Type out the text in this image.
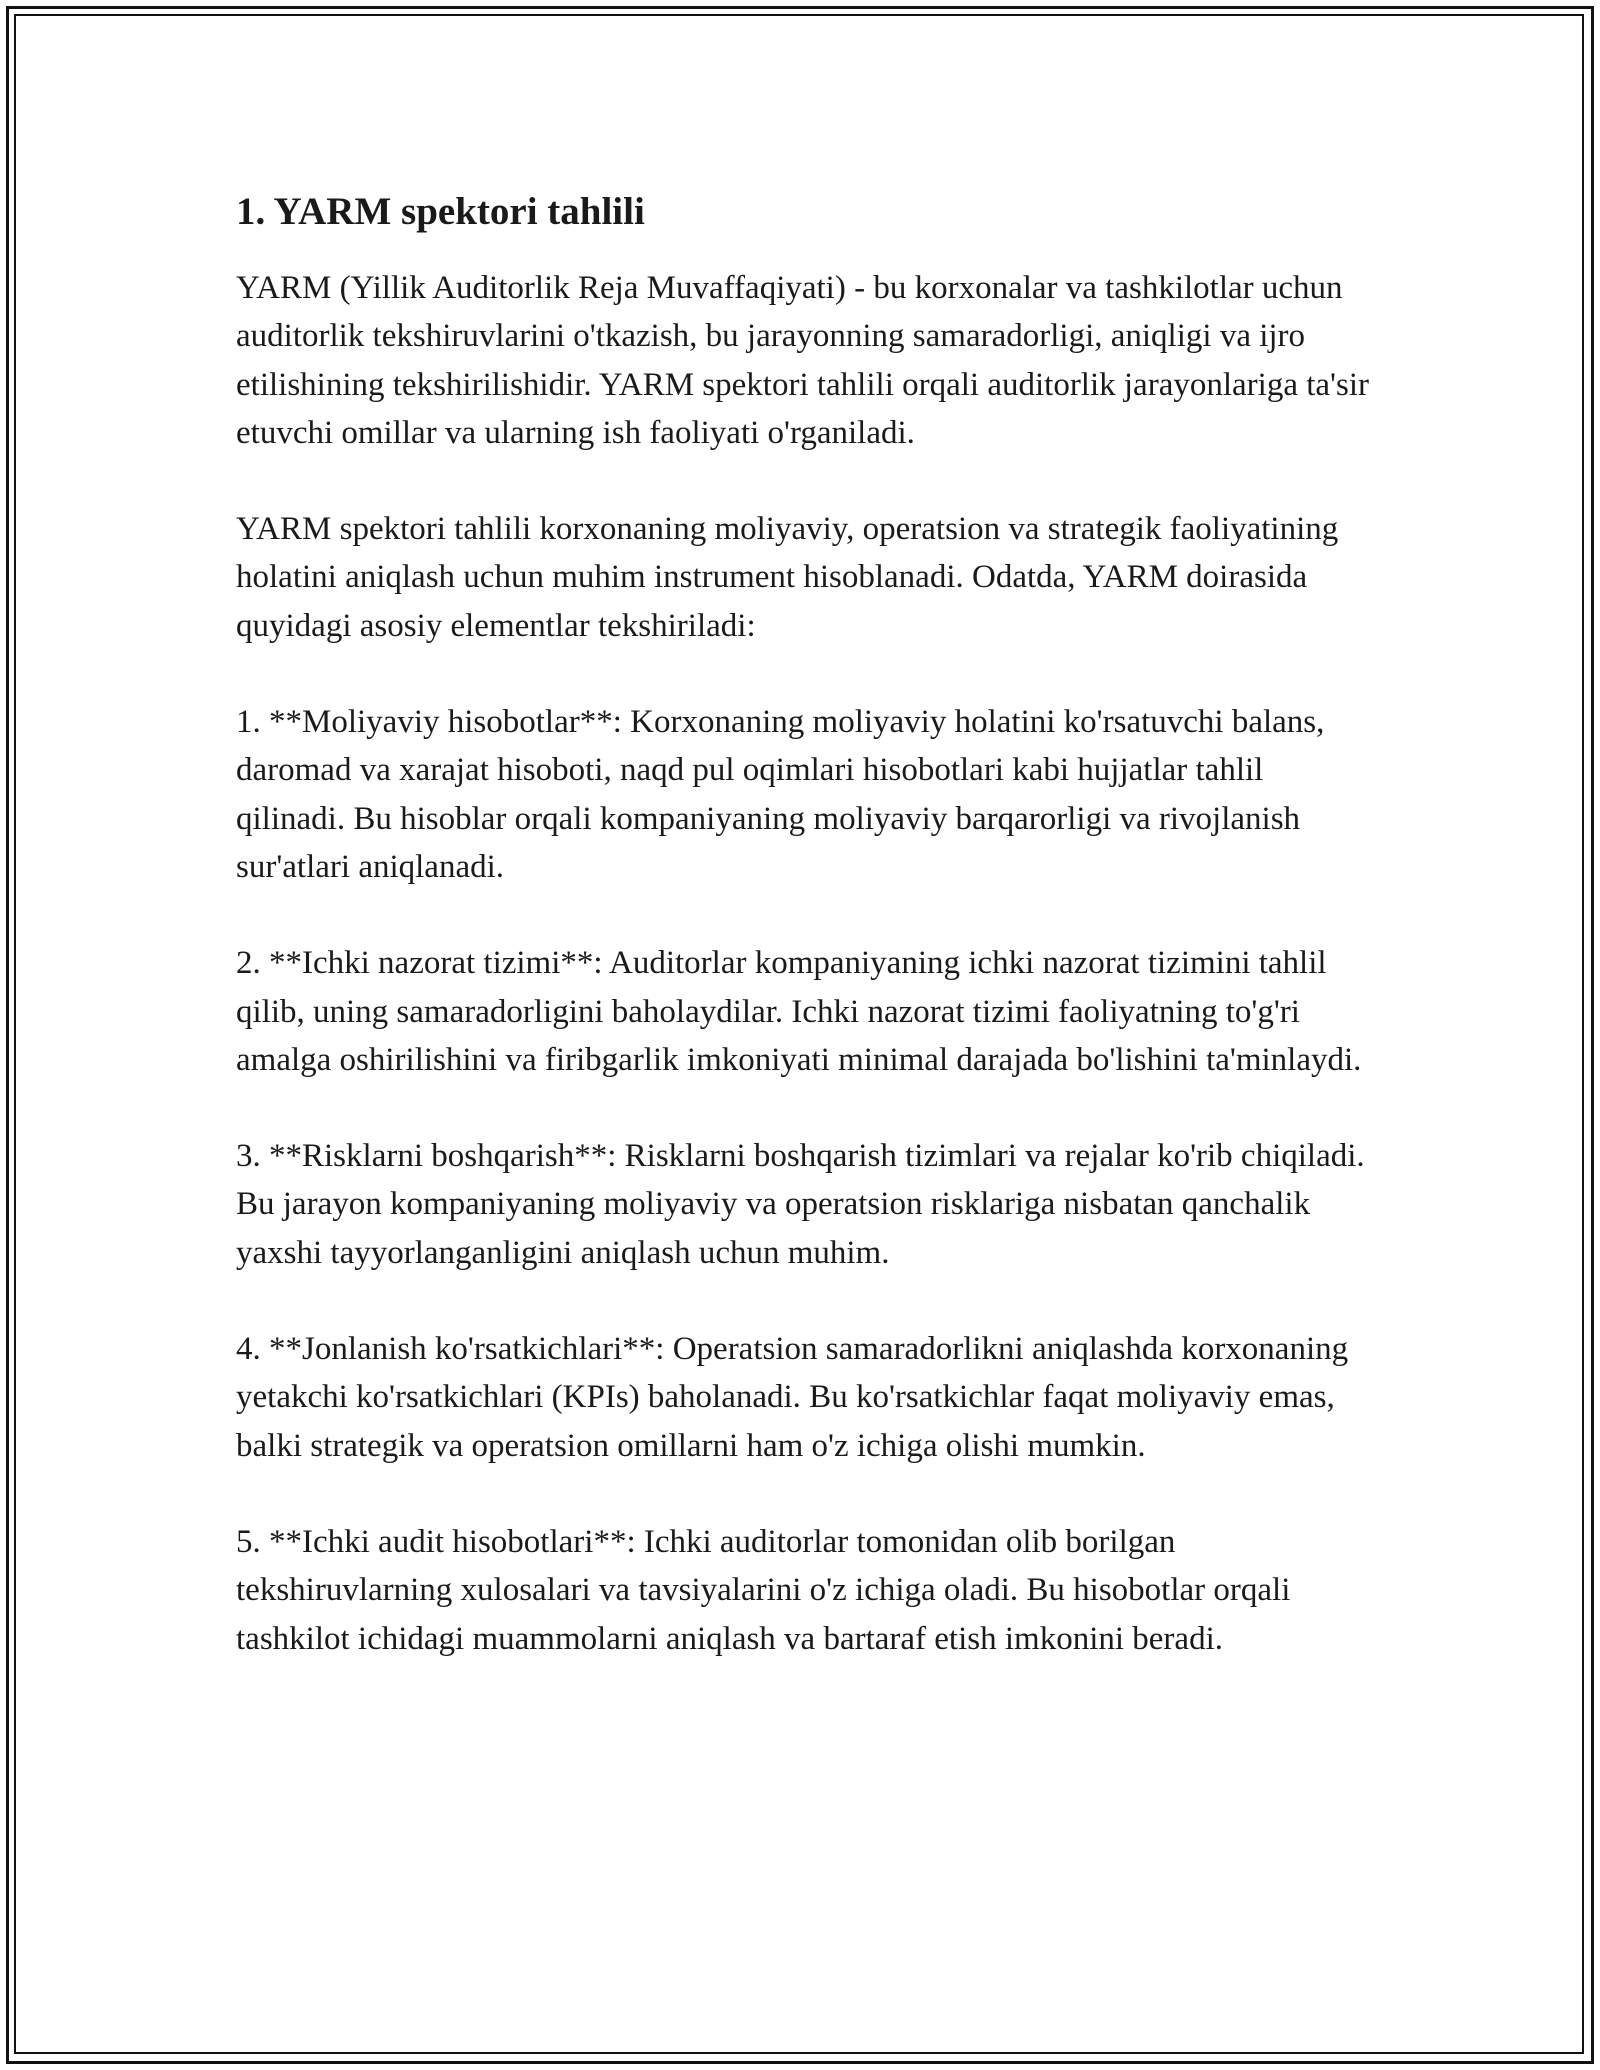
1. YARM spektori tahlili

YARM (Yillik Auditorlik Reja Muvaffaqiyati) - bu korxonalar va tashkilotlar uchun auditorlik tekshiruvlarini o'tkazish, bu jarayonning samaradorligi, aniqligi va ijro etilishining tekshirilishidir. YARM spektori tahlili orqali auditorlik jarayonlariga ta'sir etuvchi omillar va ularning ish faoliyati o'rganiladi.

YARM spektori tahlili korxonaning moliyaviy, operatsion va strategik faoliyatining holatini aniqlash uchun muhim instrument hisoblanadi. Odatda, YARM doirasida quyidagi asosiy elementlar tekshiriladi:

1. **Moliyaviy hisobotlar**: Korxonaning moliyaviy holatini ko'rsatuvchi balans, daromad va xarajat hisoboti, naqd pul oqimlari hisobotlari kabi hujjatlar tahlil qilinadi. Bu hisoblar orqali kompaniyaning moliyaviy barqarorligi va rivojlanish sur'atlari aniqlanadi.

2. **Ichki nazorat tizimi**: Auditorlar kompaniyaning ichki nazorat tizimini tahlil qilib, uning samaradorligini baholaydilar. Ichki nazorat tizimi faoliyatning to'g'ri amalga oshirilishini va firibgarlik imkoniyati minimal darajada bo'lishini ta'minlaydi.

3. **Risklarni boshqarish**: Risklarni boshqarish tizimlari va rejalar ko'rib chiqiladi. Bu jarayon kompaniyaning moliyaviy va operatsion risklariga nisbatan qanchalik yaxshi tayyorlanganligini aniqlash uchun muhim.

4. **Jonlanish ko'rsatkichlari**: Operatsion samaradorlikni aniqlashda korxonaning yetakchi ko'rsatkichlari (KPIs) baholanadi. Bu ko'rsatkichlar faqat moliyaviy emas, balki strategik va operatsion omillarni ham o'z ichiga olishi mumkin.

5. **Ichki audit hisobotlari**: Ichki auditorlar tomonidan olib borilgan tekshiruvlarning xulosalari va tavsiyalarini o'z ichiga oladi. Bu hisobotlar orqali tashkilot ichidagi muammolarni aniqlash va bartaraf etish imkonini beradi.
